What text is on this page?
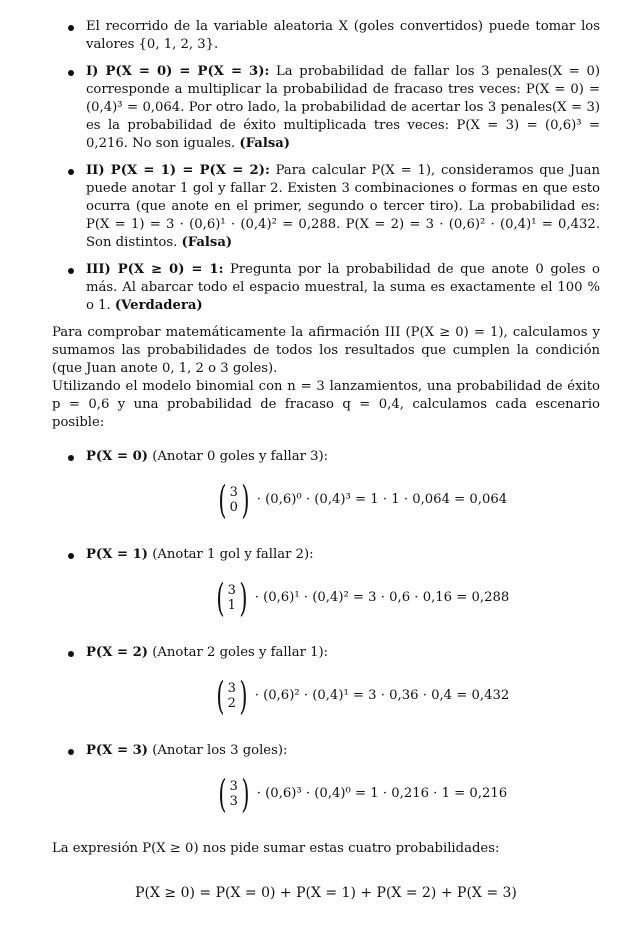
El recorrido de la variable aleatoria X (goles convertidos) puede tomar los valores {0, 1, 2, 3}.
I) P(X = 0) = P(X = 3): La probabilidad de fallar los 3 penales(X = 0) corresponde a multiplicar la probabilidad de fracaso tres veces: P(X = 0) = (0,4)³ = 0,064. Por otro lado, la probabilidad de acertar los 3 penales(X = 3) es la probabilidad de éxito multiplicada tres veces: P(X = 3) = (0,6)³ = 0,216. No son iguales. (Falsa)
II) P(X = 1) = P(X = 2): Para calcular P(X = 1), consideramos que Juan puede anotar 1 gol y fallar 2. Existen 3 combinaciones o formas en que esto ocurra (que anote en el primer, segundo o tercer tiro). La probabilidad es: P(X = 1) = 3 · (0,6)¹ · (0,4)² = 0,288. P(X = 2) = 3 · (0,6)² · (0,4)¹ = 0,432. Son distintos. (Falsa)
III) P(X ≥ 0) = 1: Pregunta por la probabilidad de que anote 0 goles o más. Al abarcar todo el espacio muestral, la suma es exactamente el 100 % o 1. (Verdadera)

Para comprobar matemáticamente la afirmación III (P(X ≥ 0) = 1), calculamos y sumamos las probabilidades de todos los resultados que cumplen la condición (que Juan anote 0, 1, 2 o 3 goles).

Utilizando el modelo binomial con n = 3 lanzamientos, una probabilidad de éxito p = 0,6 y una probabilidad de fracaso q = 0,4, calculamos cada escenario posible:

P(X = 0) (Anotar 0 goles y fallar 3):
( 3
0 ) · (0,6)⁰ · (0,4)³ = 1 · 1 · 0,064 = 0,064
P(X = 1) (Anotar 1 gol y fallar 2):
( 3
1 ) · (0,6)¹ · (0,4)² = 3 · 0,6 · 0,16 = 0,288
P(X = 2) (Anotar 2 goles y fallar 1):
( 3
2 ) · (0,6)² · (0,4)¹ = 3 · 0,36 · 0,4 = 0,432
P(X = 3) (Anotar los 3 goles):
( 3
3 ) · (0,6)³ · (0,4)⁰ = 1 · 0,216 · 1 = 0,216

La expresión P(X ≥ 0) nos pide sumar estas cuatro probabilidades:

P(X ≥ 0) = P(X = 0) + P(X = 1) + P(X = 2) + P(X = 3)
